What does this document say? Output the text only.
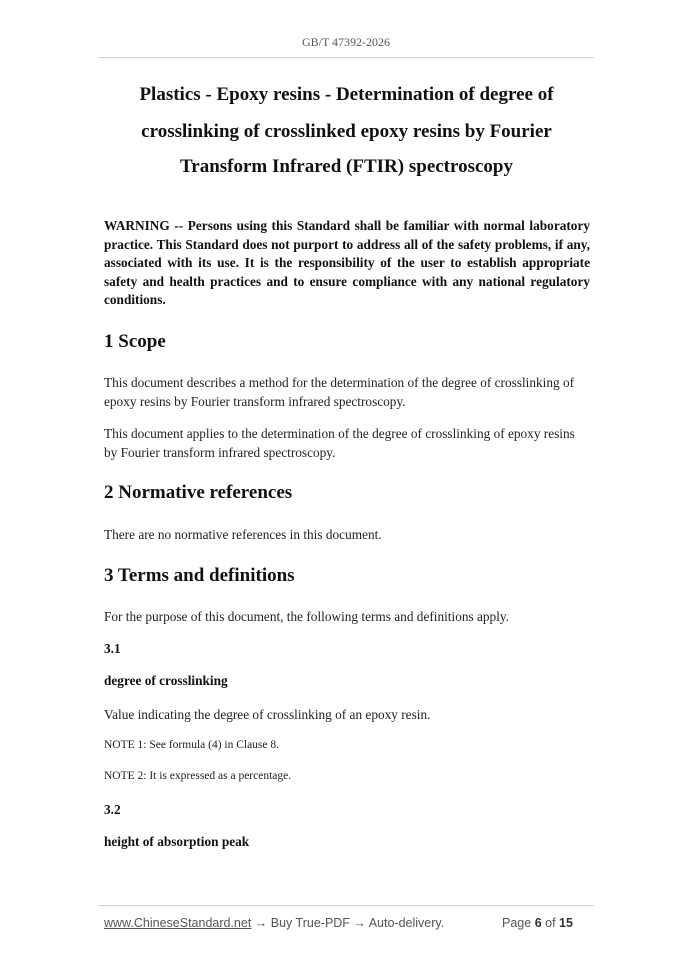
GB/T 47392-2026
Plastics - Epoxy resins - Determination of degree of
crosslinking of crosslinked epoxy resins by Fourier
Transform Infrared (FTIR) spectroscopy
WARNING -- Persons using this Standard shall be familiar with normal laboratory practice. This Standard does not purport to address all of the safety problems, if any, associated with its use. It is the responsibility of the user to establish appropriate safety and health practices and to ensure compliance with any national regulatory conditions.
1 Scope
This document describes a method for the determination of the degree of crosslinking of epoxy resins by Fourier transform infrared spectroscopy.
This document applies to the determination of the degree of crosslinking of epoxy resins by Fourier transform infrared spectroscopy.
2 Normative references
There are no normative references in this document.
3 Terms and definitions
For the purpose of this document, the following terms and definitions apply.
3.1
degree of crosslinking
Value indicating the degree of crosslinking of an epoxy resin.
NOTE 1: See formula (4) in Clause 8.
NOTE 2: It is expressed as a percentage.
3.2
height of absorption peak
www.ChineseStandard.net → Buy True-PDF → Auto-delivery.	Page 6 of 15
